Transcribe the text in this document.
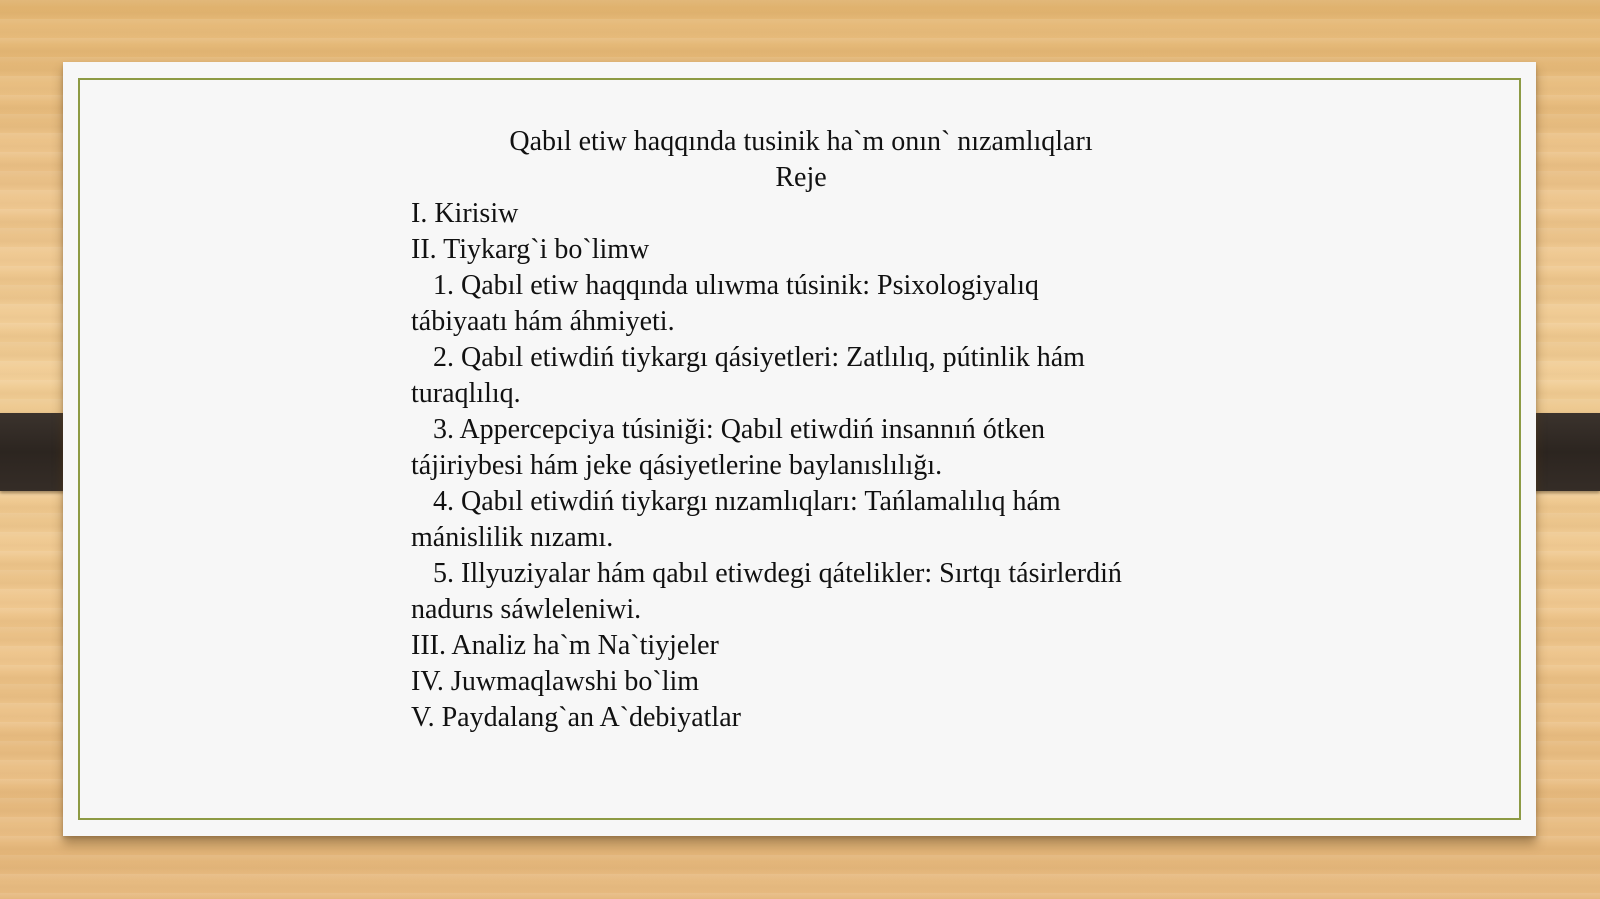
Qabıl etiw haqqında tusinik ha`m onın` nızamlıqları
Reje
I. Kirisiw
II. Tiykarg`i bo`limw
1. Qabıl etiw haqqında ulıwma túsinik: Psixologiyalıq
tábiyaatı hám áhmiyeti.
2. Qabıl etiwdiń tiykargı qásiyetleri: Zatlılıq, pútinlik hám
turaqlılıq.
3. Appercepciya túsiniği: Qabıl etiwdiń insannıń ótken
tájiriybesi hám jeke qásiyetlerine baylanıslılığı.
4. Qabıl etiwdiń tiykargı nızamlıqları: Tańlamalılıq hám
mánislilik nızamı.
5. Illyuziyalar hám qabıl etiwdegi qátelikler: Sırtqı tásirlerdiń
nadurıs sáwleleniwi.
III. Analiz ha`m Na`tiyjeler
IV. Juwmaqlawshi bo`lim
V. Paydalang`an A`debiyatlar
